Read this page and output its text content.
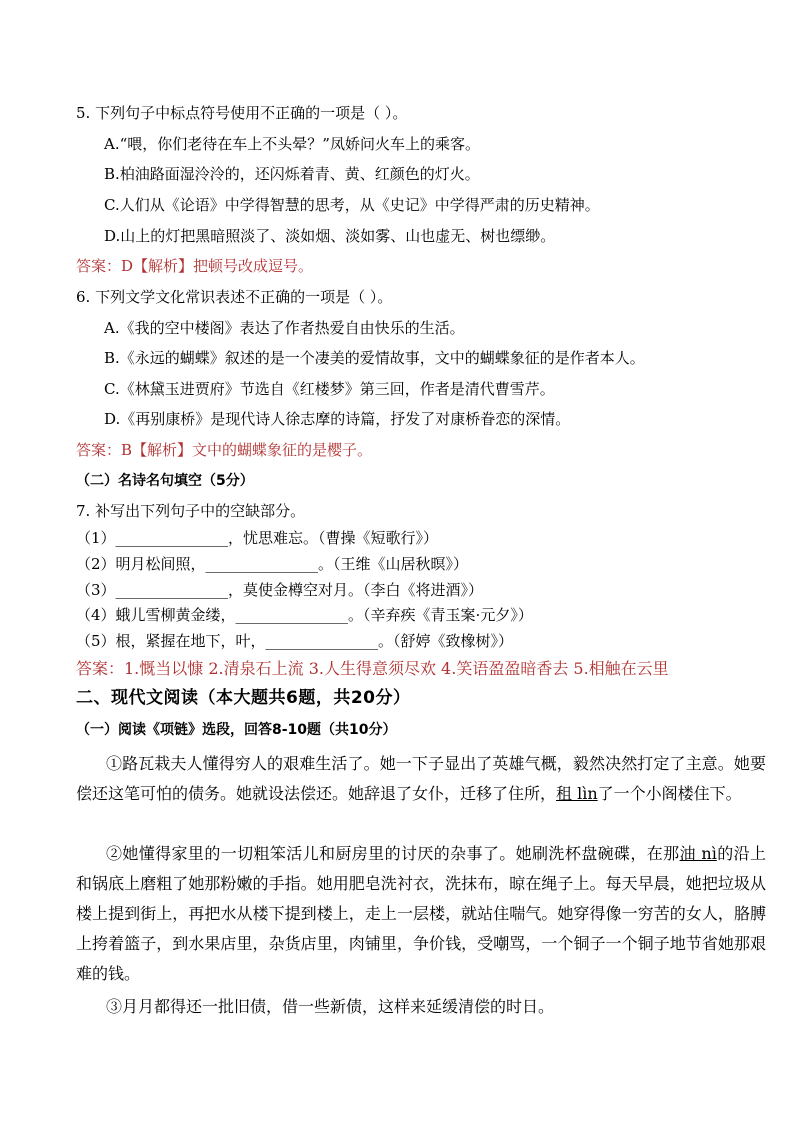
5. 下列句子中标点符号使用不正确的一项是（ ）。
A.“喂，你们老待在车上不头晕？”凤娇问火车上的乘客。
B.柏油路面湿泠泠的，还闪烁着青、黄、红颜色的灯火。
C.人们从《论语》中学得智慧的思考，从《史记》中学得严肃的历史精神。
D.山上的灯把黑暗照淡了、淡如烟、淡如雾、山也虚无、树也缥缈。
答案：D【解析】把顿号改成逗号。
6. 下列文学文化常识表述不正确的一项是（ ）。
A.《我的空中楼阁》表达了作者热爱自由快乐的生活。
B.《永远的蝴蝶》叙述的是一个凄美的爱情故事，文中的蝴蝶象征的是作者本人。
C.《林黛玉进贾府》节选自《红楼梦》第三回，作者是清代曹雪芹。
D.《再别康桥》是现代诗人徐志摩的诗篇，抒发了对康桥眷恋的深情。
答案：B【解析】文中的蝴蝶象征的是樱子。
（二）名诗名句填空（5分）
7. 补写出下列句子中的空缺部分。
（1）_______________，忧思难忘。（曹操《短歌行》）
（2）明月松间照，_______________。（王维《山居秋暝》）
（3）_______________，莫使金樽空对月。（李白《将进酒》）
（4）蛾儿雪柳黄金缕，_______________。（辛弃疾《青玉案·元夕》）
（5）根，紧握在地下，叶，_______________。（舒婷《致橡树》）
答案：1.慨当以慷 2.清泉石上流 3.人生得意须尽欢 4.笑语盈盈暗香去 5.相触在云里
二、现代文阅读（本大题共6题，共20分）
（一）阅读《项链》选段，回答8-10题（共10分）
①路瓦栽夫人懂得穷人的艰难生活了。她一下子显出了英雄气概，毅然决然打定了主意。她要偿还这笔可怕的债务。她就设法偿还。她辞退了女仆，迁移了住所，租 lìn了一个小阁楼住下。
②她懂得家里的一切粗笨活儿和厨房里的讨厌的杂事了。她刷洗杯盘碗碟，在那油 nì的沿上和锅底上磨粗了她那粉嫩的手指。她用肥皂洗衬衣，洗抹布，晾在绳子上。每天早晨，她把垃圾从楼上提到街上，再把水从楼下提到楼上，走上一层楼，就站住喘气。她穿得像一穷苦的女人，胳膊上挎着篮子，到水果店里，杂货店里，肉铺里，争价钱，受嘲骂，一个铜子一个铜子地节省她那艰难的钱。
③月月都得还一批旧债，借一些新债，这样来延缓清偿的时日。
